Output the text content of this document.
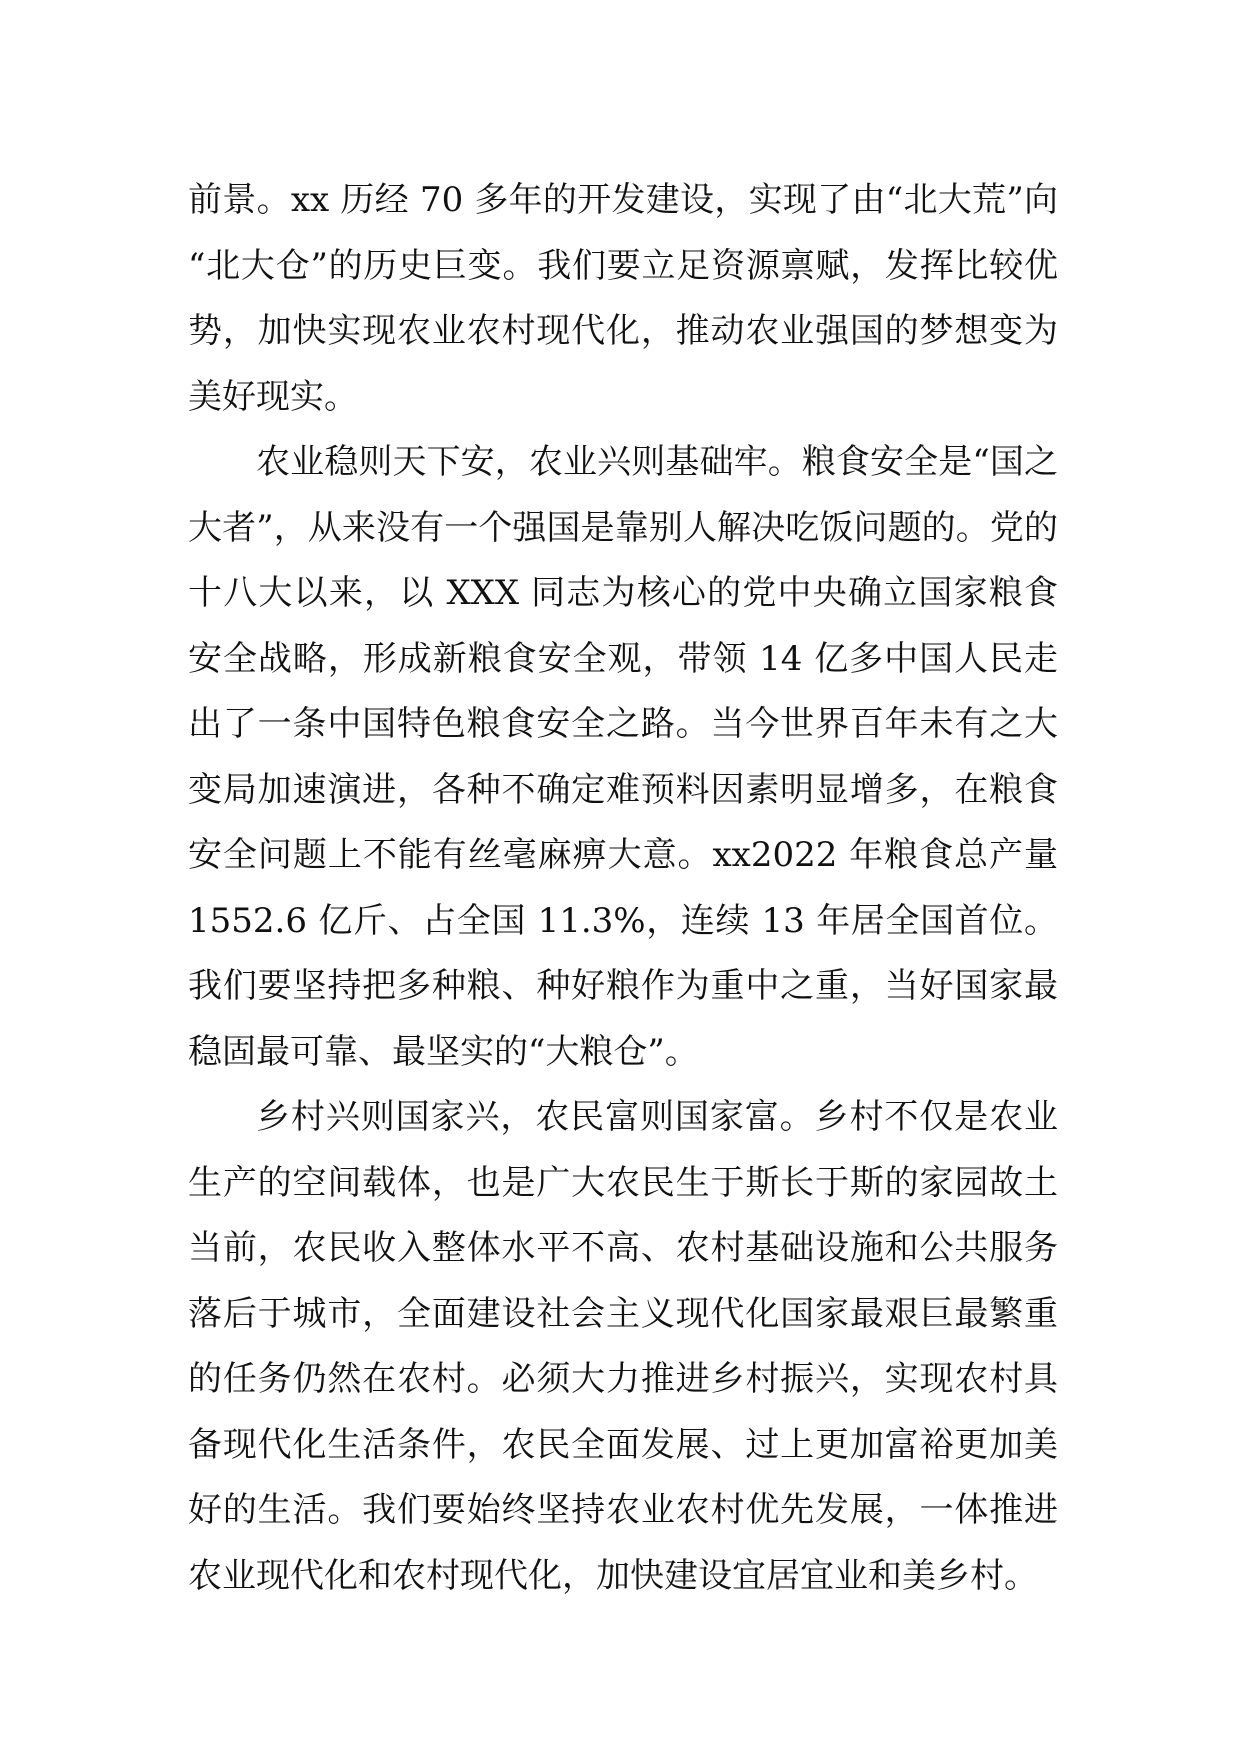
前景。xx 历经 70 多年的开发建设，实现了由“北大荒”向“北大仓”的历史巨变。我们要立足资源禀赋，发挥比较优势，加快实现农业农村现代化，推动农业强国的梦想变为美好现实。

农业稳则天下安，农业兴则基础牢。粮食安全是“国之大者”，从来没有一个强国是靠别人解决吃饭问题的。党的十八大以来，以 XXX 同志为核心的党中央确立国家粮食安全战略，形成新粮食安全观，带领 14 亿多中国人民走出了一条中国特色粮食安全之路。当今世界百年未有之大变局加速演进，各种不确定难预料因素明显增多，在粮食安全问题上不能有丝毫麻痹大意。xx2022 年粮食总产量 1552.6 亿斤、占全国 11.3%，连续 13 年居全国首位。我们要坚持把多种粮、种好粮作为重中之重，当好国家最稳固最可靠、最坚实的“大粮仓”。

乡村兴则国家兴，农民富则国家富。乡村不仅是农业生产的空间载体，也是广大农民生于斯长于斯的家园故土当前，农民收入整体水平不高、农村基础设施和公共服务落后于城市，全面建设社会主义现代化国家最艰巨最繁重的任务仍然在农村。必须大力推进乡村振兴，实现农村具备现代化生活条件，农民全面发展、过上更加富裕更加美好的生活。我们要始终坚持农业农村优先发展，一体推进农业现代化和农村现代化，加快建设宜居宜业和美乡村。
